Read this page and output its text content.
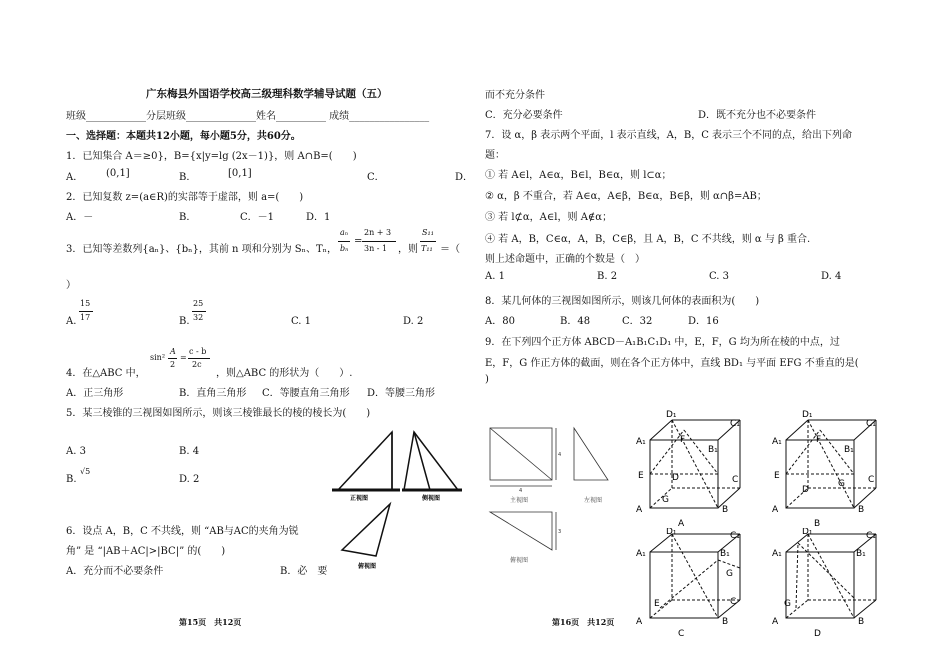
广东梅县外国语学校高三级理科数学辅导试题（五）
班级____________分层班级______________姓名__________ 成绩________________
一、选择题：本题共12小题，每小题5分，共60分。
1．已知集合 A＝≥0}，B={x|y=lg (2x－1)}，则 A∩B=(　　)
A． (0,1]	B．	[0,1]	C．	D．
2．已知复数 z=(a∈R)的实部等于虚部，则 a=(　　)
A．－	B．	C．－1	D．1
3．已知等差数列{aₙ}、{bₙ}，其前 n 项和分别为 Sₙ、Tₙ，
aₙ
bₙ
=
2n + 3
3n - 1 ，则
S₁₁
T₁₁ ＝（
）
A.
15
17	B.
25
32	C. 1	D. 2
4．在△ABC 中，
sin²
A
2
=
c - b
2c
，则△ABC 的形状为（　　）.
A．正三角形	B．直角三角形 C．等腰直角三角形 D．等腰三角形
5．某三棱锥的三视图如图所示，则该三棱锥最长的棱的棱长为(　　)
A. 3	B. 4
B.
√5
D. 2
正视图	侧视图
俯视图
6．设点 A，B，C 不共线，则 “AB与AC的夹角为锐
角” 是 “|AB＋AC|>|BC|” 的(　　)
A．充分而不必要条件	B．必　要
第15页　共12页
而不充分条件
C．充分必要条件	D．既不充分也不必要条件
7．设 α，β 表示两个平面，l 表示直线，A，B，C 表示三个不同的点，给出下列命
题：
① 若 A∈l，A∈α，B∈l，B∈α，则 l⊂α；
② α，β 不重合，若 A∈α，A∈β，B∈α，B∈β，则 α∩β=AB；
③ 若 l⊄α，A∈l，则 A∉α；
④ 若 A，B，C∈α，A，B，C∈β，且 A，B，C 不共线，则 α 与 β 重合.
则上述命题中，正确的个数是（　）
A. 1	B. 2	C. 3	D. 4
8．某几何体的三视图如图所示，则该几何体的表面积为(　　)
A．80	B．48	C．32	D．16
9．在下列四个正方体 ABCD－A₁B₁C₁D₁ 中，E，F，G 均为所在棱的中点，过
E，F，G 作正方体的截面，则在各个正方体中，直线 BD₁ 与平面 EFG 不垂直的是(
)
4
4
3
主视图	左视图
俯视图
D₁
C₁
A₁
B₁
F
E	D	C
G
A	B
A
D₁
C₁
A₁
B₁
F
E
D
C
G
A	B
B
D₁	C₁
A₁	B₁
G
E	C
A	B
C
D₁	C₁
A₁	B₁
G
A	B
D
第16页　共12页
